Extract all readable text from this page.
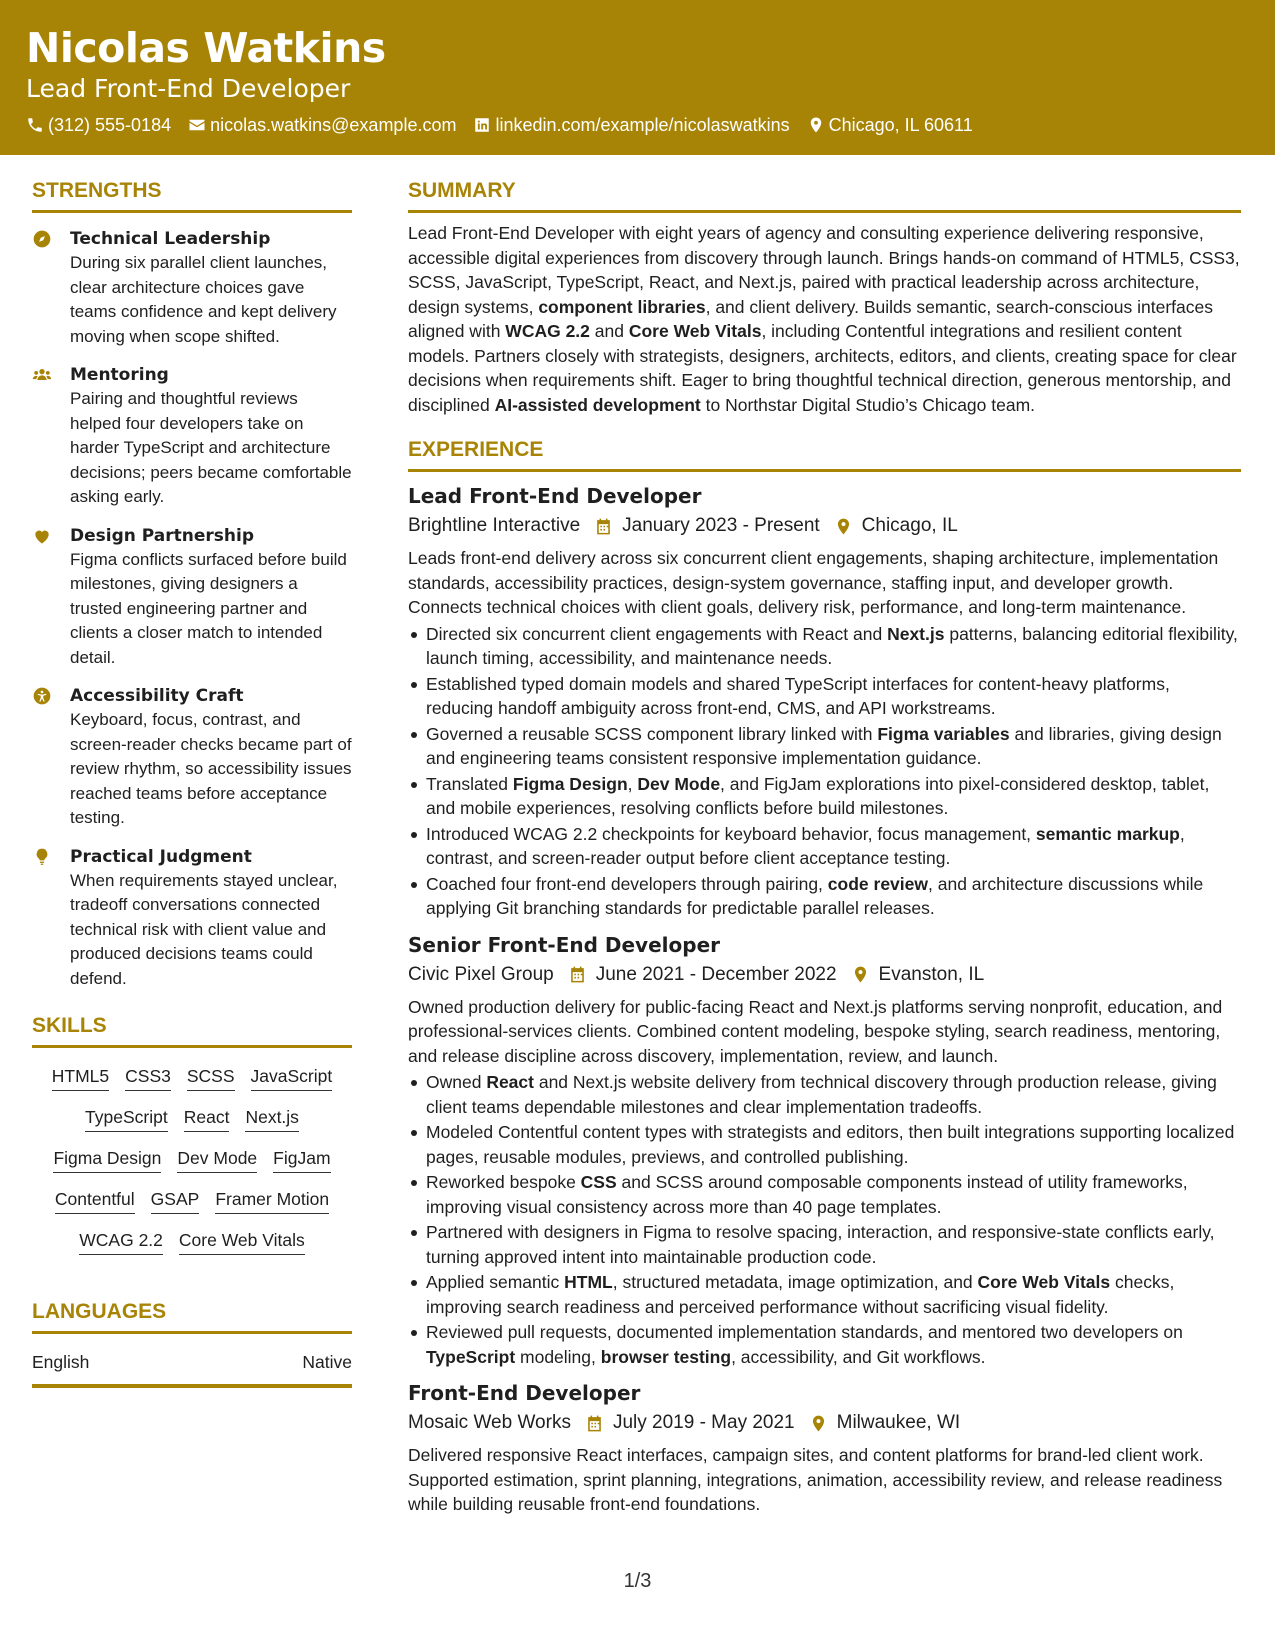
Nicolas Watkins
Lead Front-End Developer
(312) 555-0184 nicolas.watkins@example.com linkedin.com/example/nicolaswatkins Chicago, IL 60611
STRENGTHS
Technical Leadership
During six parallel client launches, clear architecture choices gave teams confidence and kept delivery moving when scope shifted.
Mentoring
Pairing and thoughtful reviews helped four developers take on harder TypeScript and architecture decisions; peers became comfortable asking early.
Design Partnership
Figma conflicts surfaced before build milestones, giving designers a trusted engineering partner and clients a closer match to intended detail.
Accessibility Craft
Keyboard, focus, contrast, and screen-reader checks became part of review rhythm, so accessibility issues reached teams before acceptance testing.
Practical Judgment
When requirements stayed unclear, tradeoff conversations connected technical risk with client value and produced decisions teams could defend.
SKILLS
HTML5 CSS3 SCSS JavaScript
TypeScript React Next.js
Figma Design Dev Mode FigJam
Contentful GSAP Framer Motion
WCAG 2.2 Core Web Vitals
LANGUAGES
English	Native
SUMMARY
Lead Front-End Developer with eight years of agency and consulting experience delivering responsive, accessible digital experiences from discovery through launch. Brings hands-on command of HTML5, CSS3, SCSS, JavaScript, TypeScript, React, and Next.js, paired with practical leadership across architecture, design systems, component libraries, and client delivery. Builds semantic, search-conscious interfaces aligned with WCAG 2.2 and Core Web Vitals, including Contentful integrations and resilient content models. Partners closely with strategists, designers, architects, editors, and clients, creating space for clear decisions when requirements shift. Eager to bring thoughtful technical direction, generous mentorship, and disciplined AI-assisted development to Northstar Digital Studio’s Chicago team.
EXPERIENCE
Lead Front-End Developer
Brightline Interactive January 2023 - Present Chicago, IL
Leads front-end delivery across six concurrent client engagements, shaping architecture, implementation standards, accessibility practices, design-system governance, staffing input, and developer growth. Connects technical choices with client goals, delivery risk, performance, and long-term maintenance.
Directed six concurrent client engagements with React and Next.js patterns, balancing editorial flexibility, launch timing, accessibility, and maintenance needs.
Established typed domain models and shared TypeScript interfaces for content-heavy platforms, reducing handoff ambiguity across front-end, CMS, and API workstreams.
Governed a reusable SCSS component library linked with Figma variables and libraries, giving design and engineering teams consistent responsive implementation guidance.
Translated Figma Design, Dev Mode, and FigJam explorations into pixel-considered desktop, tablet, and mobile experiences, resolving conflicts before build milestones.
Introduced WCAG 2.2 checkpoints for keyboard behavior, focus management, semantic markup, contrast, and screen-reader output before client acceptance testing.
Coached four front-end developers through pairing, code review, and architecture discussions while applying Git branching standards for predictable parallel releases.
Senior Front-End Developer
Civic Pixel Group June 2021 - December 2022 Evanston, IL
Owned production delivery for public-facing React and Next.js platforms serving nonprofit, education, and professional-services clients. Combined content modeling, bespoke styling, search readiness, mentoring, and release discipline across discovery, implementation, review, and launch.
Owned React and Next.js website delivery from technical discovery through production release, giving client teams dependable milestones and clear implementation tradeoffs.
Modeled Contentful content types with strategists and editors, then built integrations supporting localized pages, reusable modules, previews, and controlled publishing.
Reworked bespoke CSS and SCSS around composable components instead of utility frameworks, improving visual consistency across more than 40 page templates.
Partnered with designers in Figma to resolve spacing, interaction, and responsive-state conflicts early, turning approved intent into maintainable production code.
Applied semantic HTML, structured metadata, image optimization, and Core Web Vitals checks, improving search readiness and perceived performance without sacrificing visual fidelity.
Reviewed pull requests, documented implementation standards, and mentored two developers on TypeScript modeling, browser testing, accessibility, and Git workflows.
Front-End Developer
Mosaic Web Works July 2019 - May 2021 Milwaukee, WI
Delivered responsive React interfaces, campaign sites, and content platforms for brand-led client work. Supported estimation, sprint planning, integrations, animation, accessibility review, and release readiness while building reusable front-end foundations.
1/3
